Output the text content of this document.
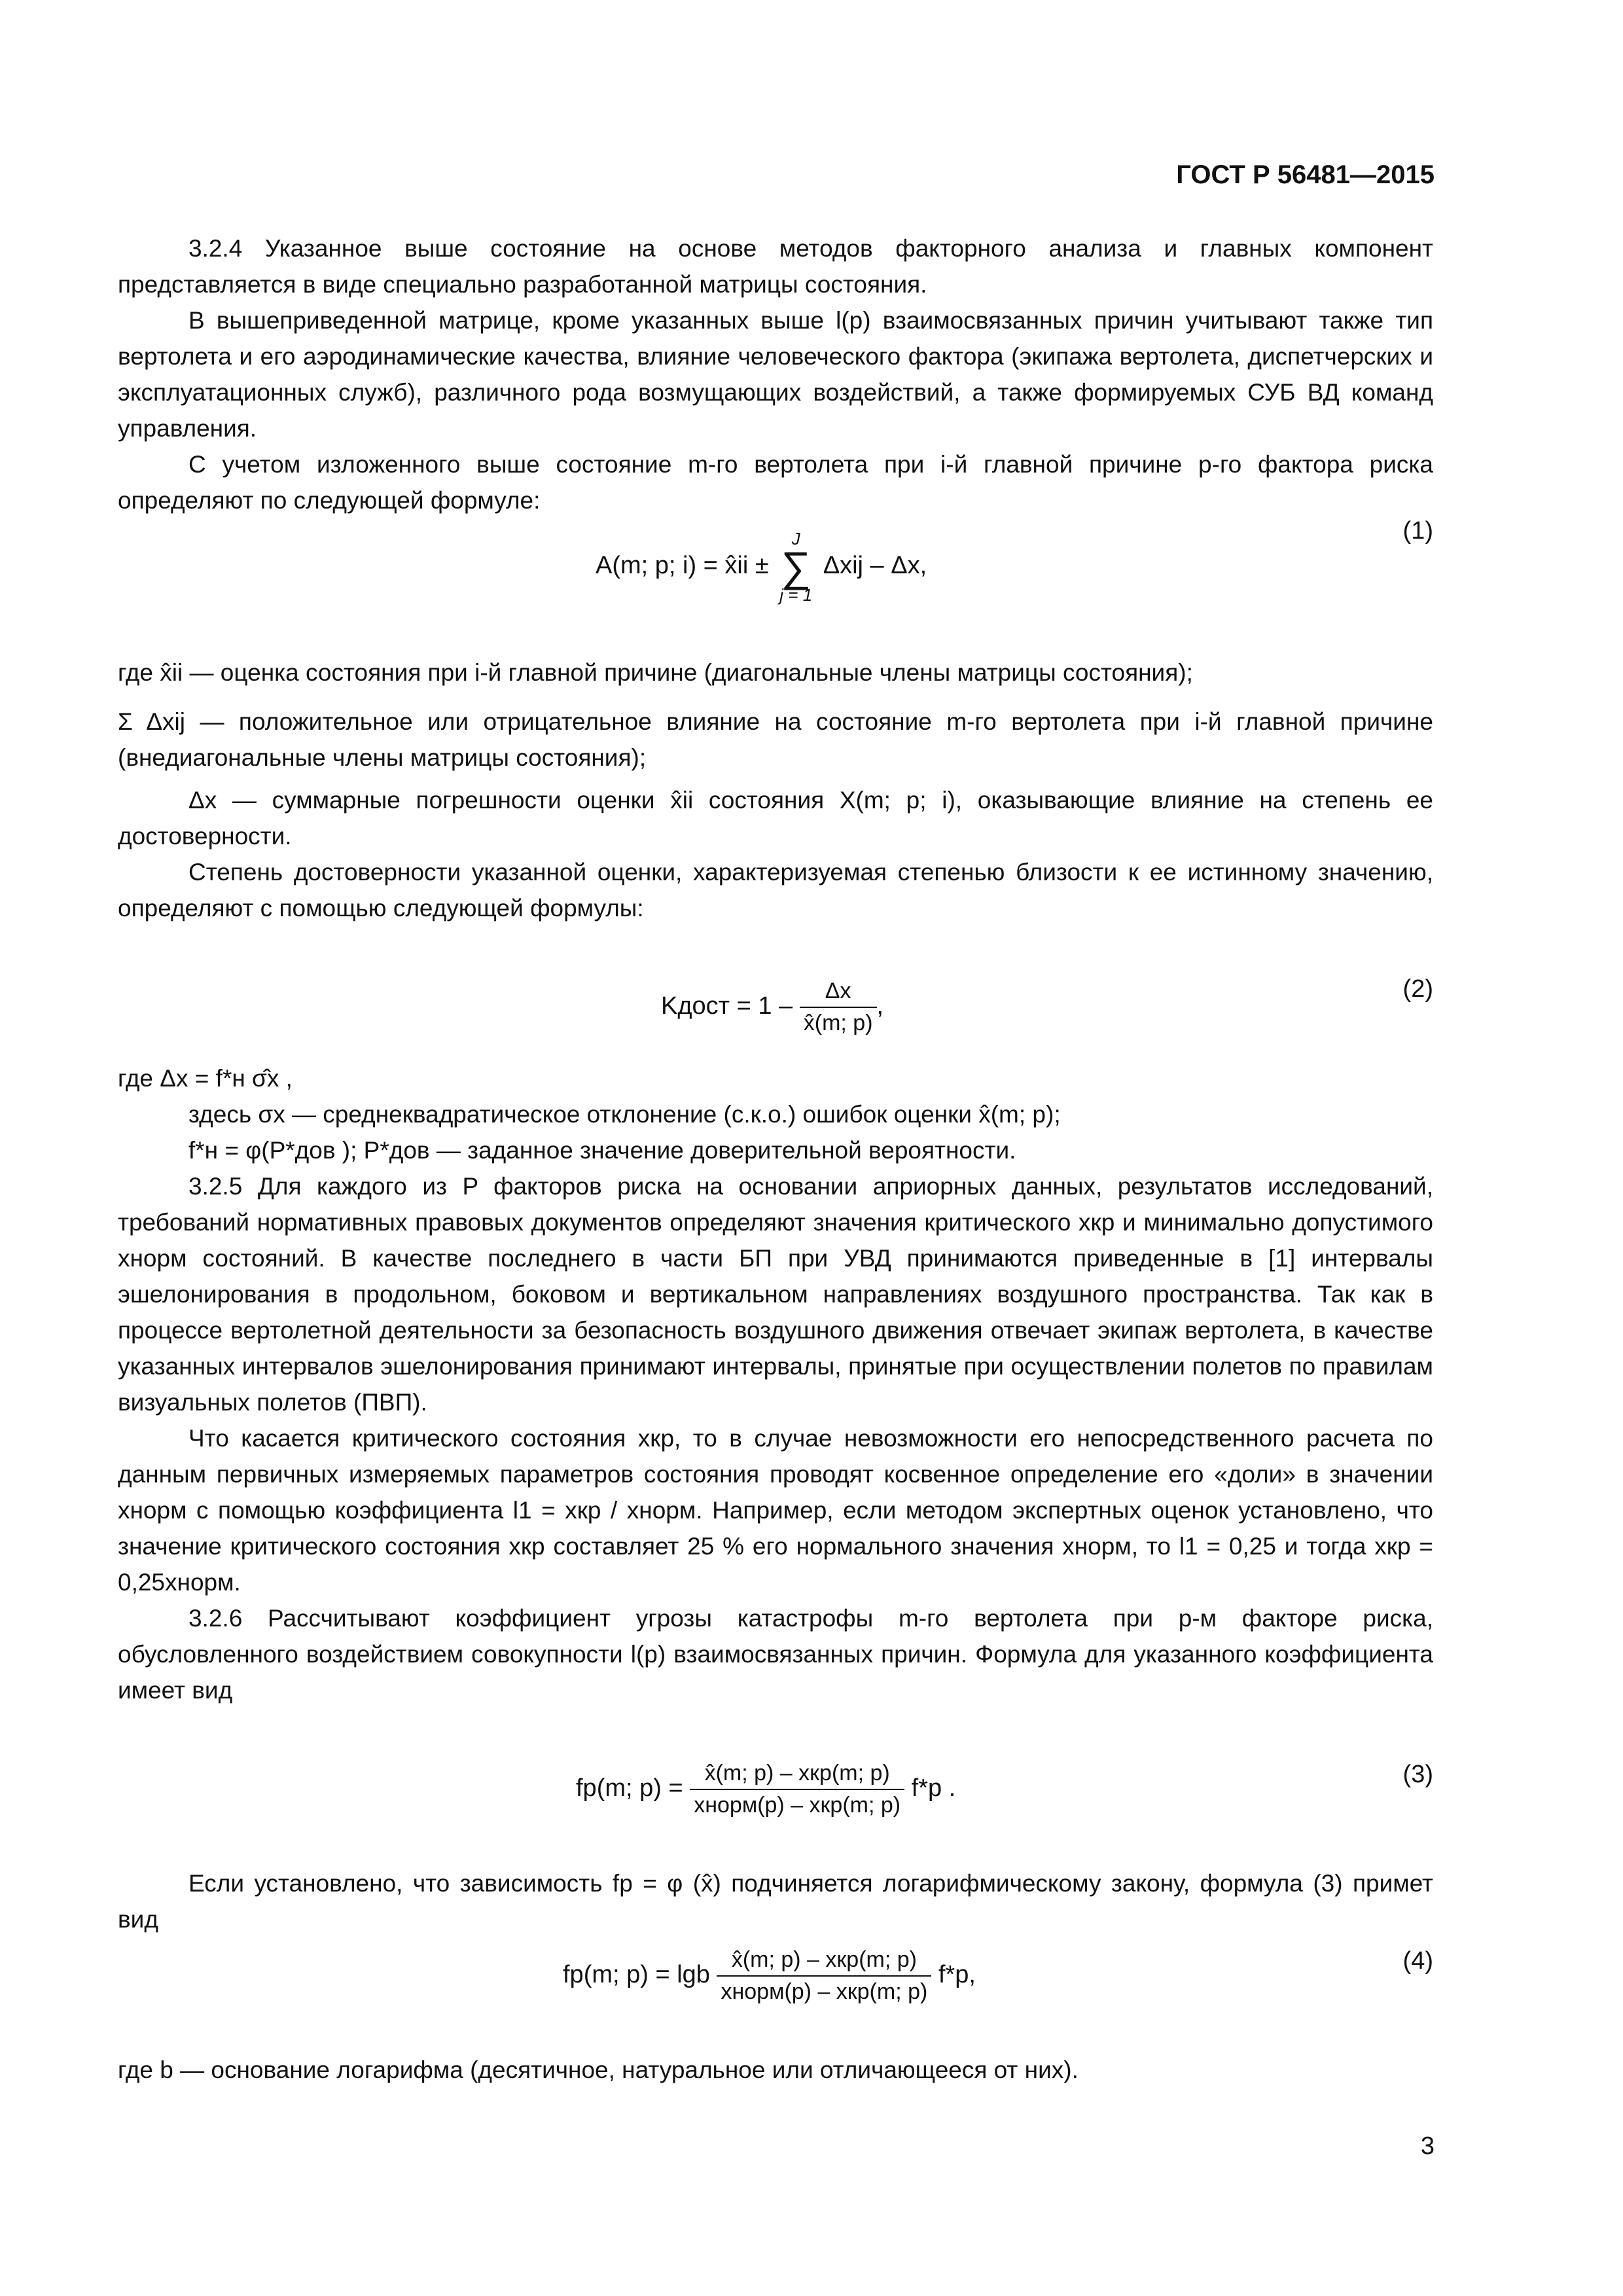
ГОСТ Р 56481—2015

3.2.4 Указанное выше состояние на основе методов факторного анализа и главных компонент представляется в виде специально разработанной матрицы состояния.

В вышеприведенной матрице, кроме указанных выше l(p) взаимосвязанных причин учитывают также тип вертолета и его аэродинамические качества, влияние человеческого фактора (экипажа вертолета, диспетчерских и эксплуатационных служб), различного рода возмущающих воздействий, а также формируемых СУБ ВД команд управления.

С учетом изложенного выше состояние m-го вертолета при i-й главной причине p-го фактора риска определяют по следующей формуле:

A(m; p; i) = x̂ii ±
J
∑
j = 1
Δxij – Δx,
(1)

где x̂ii — оценка состояния при i-й главной причине (диагональные члены матрицы состояния);

Σ Δxij — положительное или отрицательное влияние на состояние m-го вертолета при i-й главной причине (внедиагональные члены матрицы состояния);

Δx — суммарные погрешности оценки x̂ii состояния X(m; p; i), оказывающие влияние на степень ее достоверности.

Степень достоверности указанной оценки, характеризуемая степенью близости к ее истинному значению, определяют с помощью следующей формулы:

Kдост = $1 - \frac{\Delta x}{x̂(m; p)}$ ,
(2)

где Δx = f*н σ̂x ,

здесь σx — среднеквадратическое отклонение (с.к.о.) ошибок оценки x̂(m; p);

f*н = φ(P*дов ); P*дов — заданное значение доверительной вероятности.

3.2.5 Для каждого из P факторов риска на основании априорных данных, результатов исследований, требований нормативных правовых документов определяют значения критического xкр и минимально допустимого xнорм состояний. В качестве последнего в части БП при УВД принимаются приведенные в [1] интервалы эшелонирования в продольном, боковом и вертикальном направлениях воздушного пространства. Так как в процессе вертолетной деятельности за безопасность воздушного движения отвечает экипаж вертолета, в качестве указанных интервалов эшелонирования принимают интервалы, принятые при осуществлении полетов по правилам визуальных полетов (ПВП).

Что касается критического состояния xкр, то в случае невозможности его непосредственного расчета по данным первичных измеряемых параметров состояния проводят косвенное определение его «доли» в значении xнорм с помощью коэффициента l1 = xкр / xнорм. Например, если методом экспертных оценок установлено, что значение критического состояния xкр составляет 25 % его нормального значения xнорм, то l1 = 0,25 и тогда xкр = 0,25xнорм.

3.2.6 Рассчитывают коэффициент угрозы катастрофы m-го вертолета при p-м факторе риска, обусловленного воздействием совокупности l(p) взаимосвязанных причин. Формула для указанного коэффициента имеет вид

fp(m; $p) = \frac{\text{x̂(m; p) – xкр(m; p)}}{\text{xнорм(p) – xкр(m; p)}} f*p$ .
(3)

Если установлено, что зависимость fp = φ (x̂) подчиняется логарифмическому закону, формула (3) примет вид

fp(m; p) = lgb $\frac{\text{x̂(m; p) – xкр(m; p)}}{\text{xнорм(p) – xкр(m; p)}} f*p$,
(4)

где b — основание логарифма (десятичное, натуральное или отличающееся от них).

3
